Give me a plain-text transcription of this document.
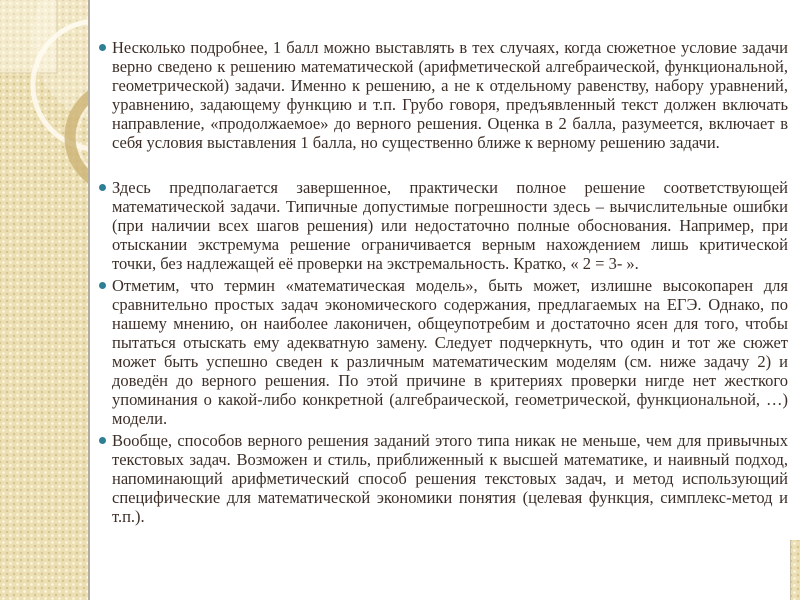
Несколько подробнее, 1 балл можно выставлять в тех случаях, когда сюжетное условие задачи верно сведено к решению математической (арифметической алгебраической, функциональной, геометрической) задачи. Именно к решению, а не к отдельному равенству, набору уравнений, уравнению, задающему функцию и т.п. Грубо говоря, предъявленный текст должен включать направление, «продолжаемое» до верного решения. Оценка в 2 балла, разумеется, включает в себя условия выставления 1 балла, но существенно ближе к верному решению задачи.
Здесь предполагается завершенное, практически полное решение соответствующей математической задачи. Типичные допустимые погрешности здесь – вычислительные ошибки (при наличии всех шагов решения) или недостаточно полные обоснования. Например, при отыскании экстремума решение ограничивается верным нахождением лишь критической точки, без надлежащей её проверки на экстремальность. Кратко, « 2 = 3- ».
Отметим, что термин «математическая модель», быть может, излишне высокопарен для сравнительно простых задач экономического содержания, предлагаемых на ЕГЭ. Однако, по нашему мнению, он наиболее лаконичен, общеупотребим и достаточно ясен для того, чтобы пытаться отыскать ему адекватную замену. Следует подчеркнуть, что один и тот же сюжет может быть успешно сведен к различным математическим моделям (см. ниже задачу 2) и доведён до верного решения. По этой причине в критериях проверки нигде нет жесткого упоминания о какой-либо конкретной (алгебраической, геометрической, функциональной, …) модели.
Вообще, способов верного решения заданий этого типа никак не меньше, чем для привычных текстовых задач. Возможен и стиль, приближенный к высшей математике, и наивный подход, напоминающий арифметический способ решения текстовых задач, и метод использующий специфические для математической экономики понятия (целевая функция, симплекс-метод и т.п.).
